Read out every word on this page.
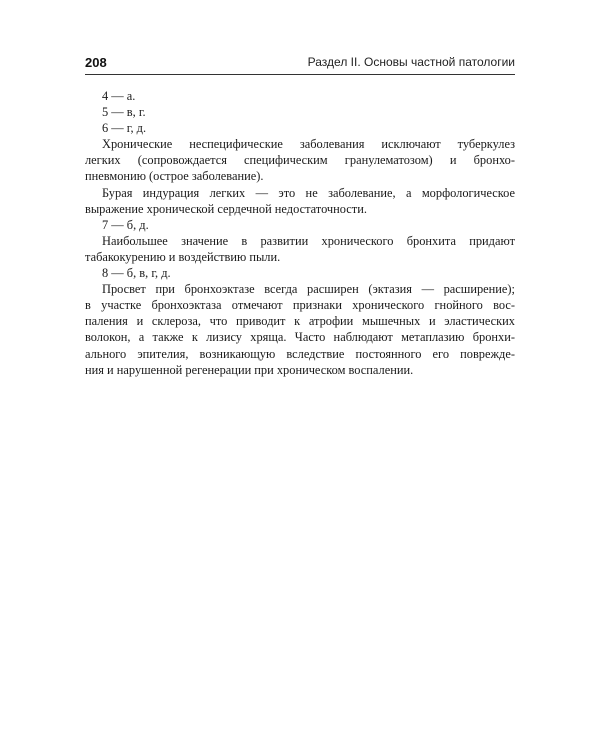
208	Раздел II. Основы частной патологии

4 — а.

5 — в, г.

6 — г, д.

Хронические неспецифические заболевания исключают туберкулез
легких (сопровождается специфическим гранулематозом) и бронхо-
пневмонию (острое заболевание).
Бурая индурация легких — это не заболевание, а морфологическое
выражение хронической сердечной недостаточности.

7 — б, д.

Наибольшее значение в развитии хронического бронхита придают
табакокурению и воздействию пыли.

8 — б, в, г, д.

Просвет при бронхоэктазе всегда расширен (эктазия — расширение);
в участке бронхоэктаза отмечают признаки хронического гнойного вос-
паления и склероза, что приводит к атрофии мышечных и эластических
волокон, а также к лизису хряща. Часто наблюдают метаплазию бронхи-
ального эпителия, возникающую вследствие постоянного его поврежде-
ния и нарушенной регенерации при хроническом воспалении.
